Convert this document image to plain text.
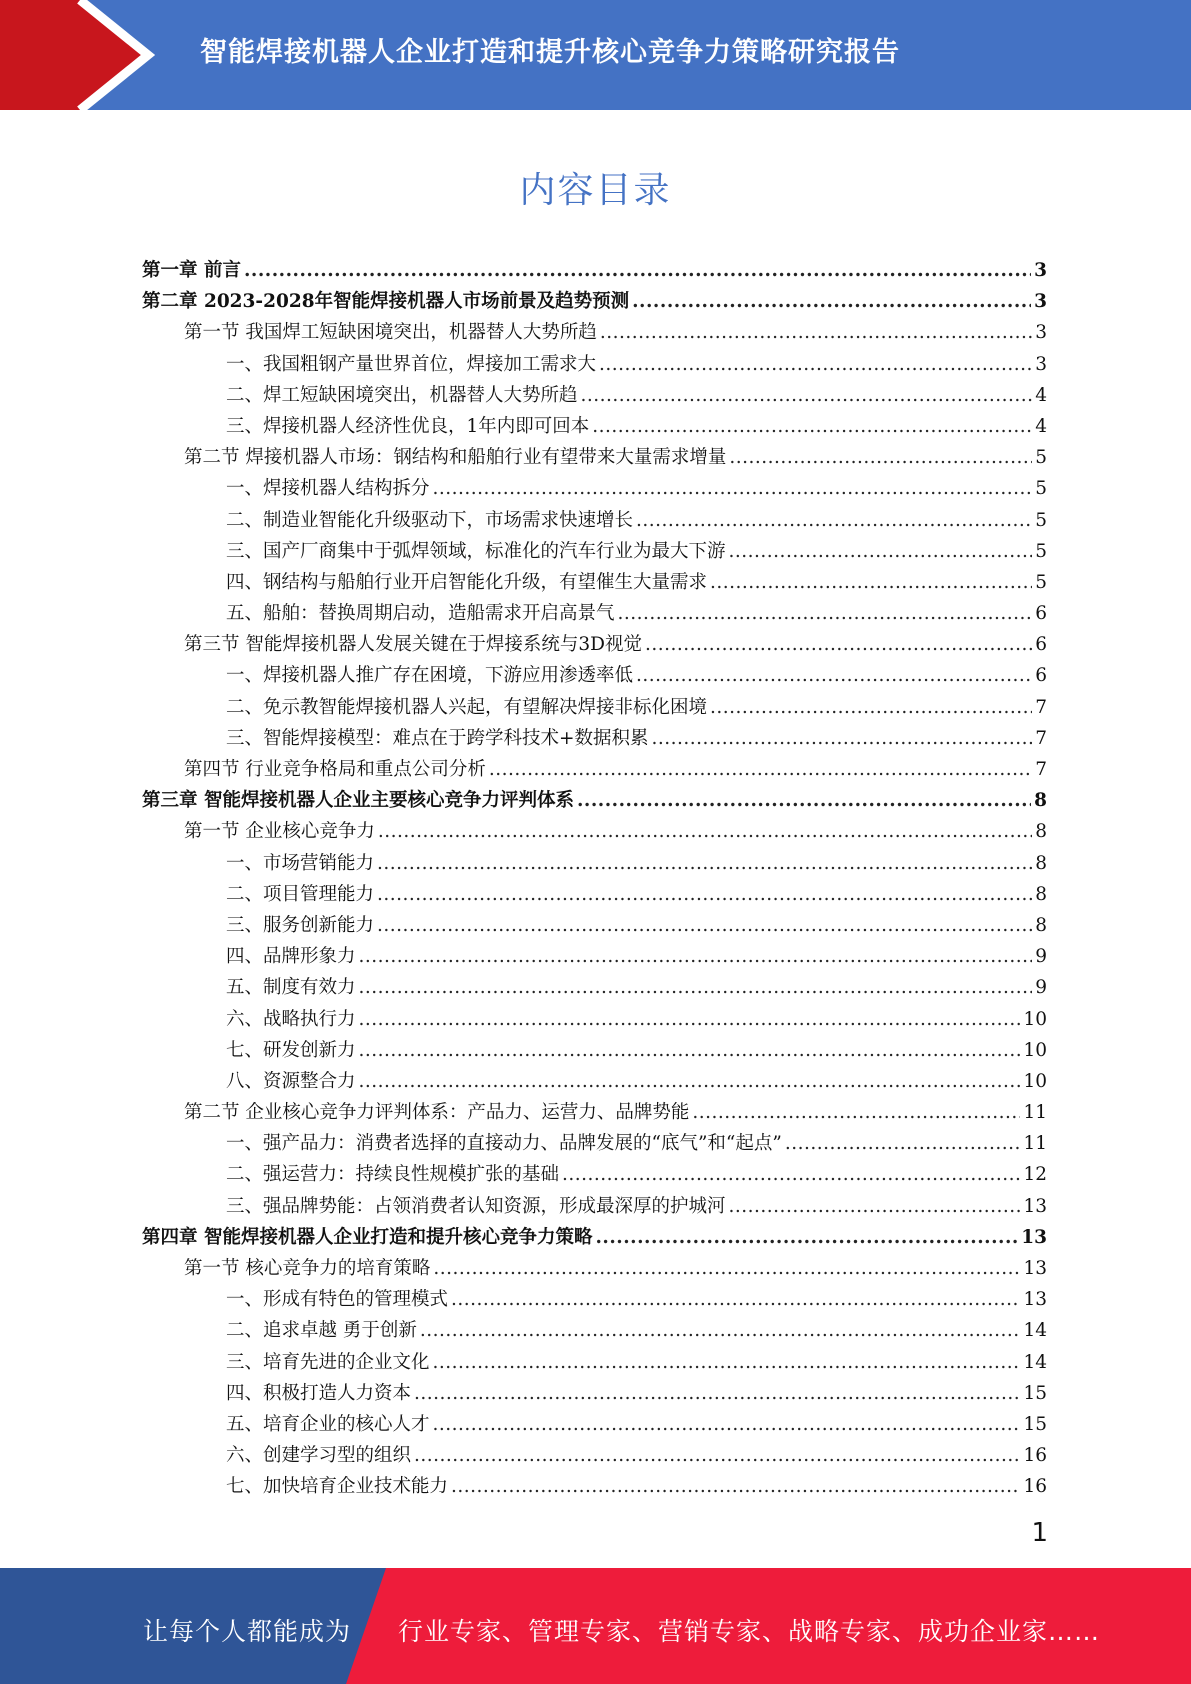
智能焊接机器人企业打造和提升核心竞争力策略研究报告
内容目录
第一章 前言 .....	3
第二章 2023-2028年智能焊接机器人市场前景及趋势预测 .....	3
第一节 我国焊工短缺困境突出，机器替人大势所趋 .....	3
一、我国粗钢产量世界首位，焊接加工需求大 .....	3
二、焊工短缺困境突出，机器替人大势所趋 .....	4
三、焊接机器人经济性优良，1年内即可回本 .....	4
第二节 焊接机器人市场：钢结构和船舶行业有望带来大量需求增量 .....	5
一、焊接机器人结构拆分 .....	5
二、制造业智能化升级驱动下，市场需求快速增长 .....	5
三、国产厂商集中于弧焊领域，标准化的汽车行业为最大下游 .....	5
四、钢结构与船舶行业开启智能化升级，有望催生大量需求 .....	5
五、船舶：替换周期启动，造船需求开启高景气 .....	6
第三节 智能焊接机器人发展关键在于焊接系统与3D视觉 .....	6
一、焊接机器人推广存在困境，下游应用渗透率低 .....	6
二、免示教智能焊接机器人兴起，有望解决焊接非标化困境 .....	7
三、智能焊接模型：难点在于跨学科技术+数据积累 .....	7
第四节 行业竞争格局和重点公司分析 .....	7
第三章 智能焊接机器人企业主要核心竞争力评判体系 .....	8
第一节 企业核心竞争力 .....	8
一、市场营销能力 .....	8
二、项目管理能力 .....	8
三、服务创新能力 .....	8
四、品牌形象力 .....	9
五、制度有效力 .....	9
六、战略执行力 .....	10
七、研发创新力 .....	10
八、资源整合力 .....	10
第二节 企业核心竞争力评判体系：产品力、运营力、品牌势能 .....	11
一、强产品力：消费者选择的直接动力、品牌发展的“底气”和“起点” .....	11
二、强运营力：持续良性规模扩张的基础 .....	12
三、强品牌势能：占领消费者认知资源，形成最深厚的护城河 .....	13
第四章 智能焊接机器人企业打造和提升核心竞争力策略 .....	13
第一节 核心竞争力的培育策略 .....	13
一、形成有特色的管理模式 .....	13
二、追求卓越 勇于创新 .....	14
三、培育先进的企业文化 .....	14
四、积极打造人力资本 .....	15
五、培育企业的核心人才 .....	15
六、创建学习型的组织 .....	16
七、加快培育企业技术能力 .....	16
1
让每个人都能成为 行业专家、管理专家、营销专家、战略专家、成功企业家……
